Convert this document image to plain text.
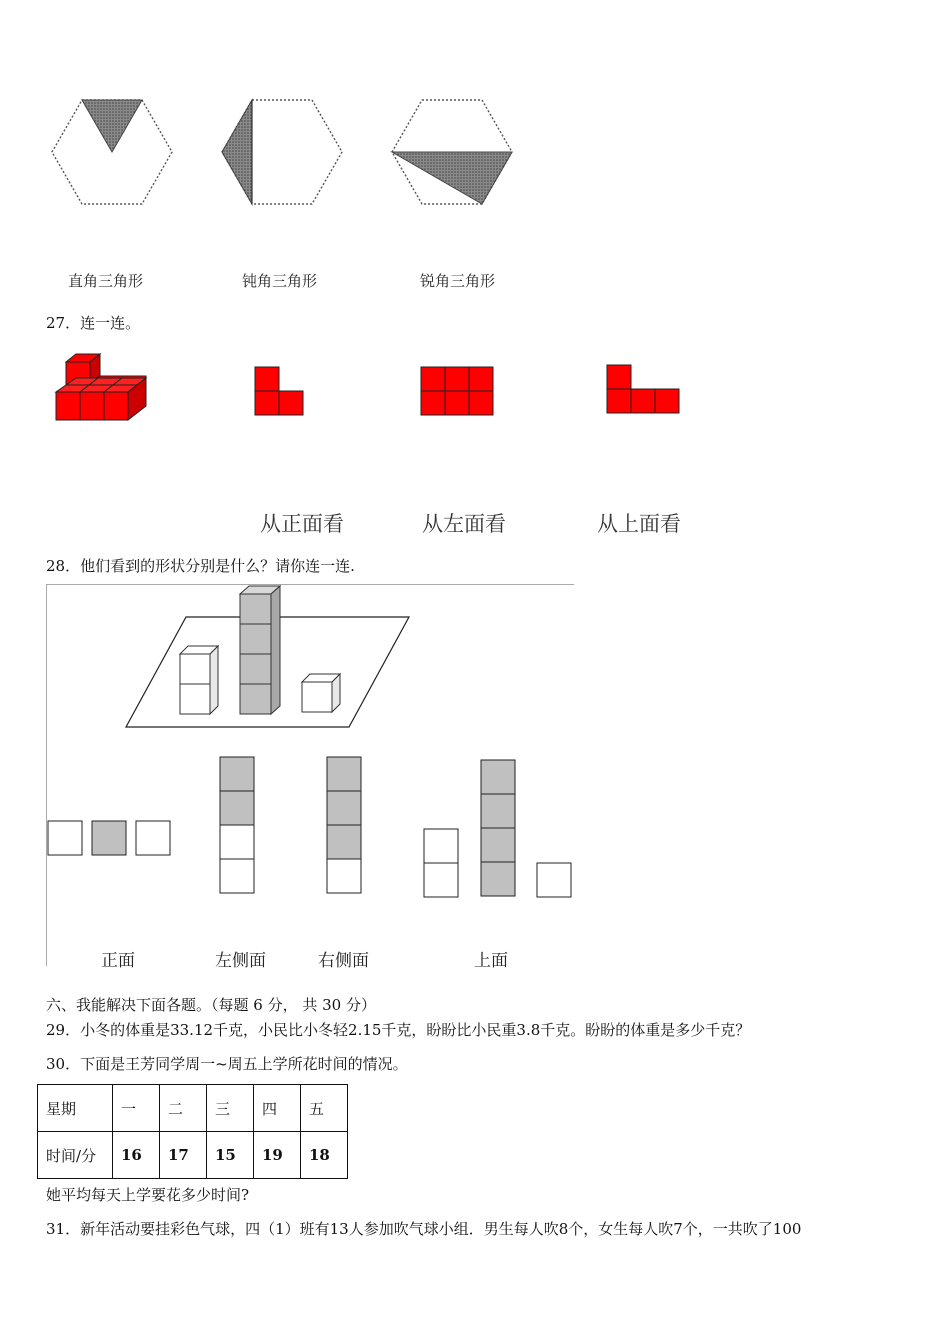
直角三角形	钝角三角形	锐角三角形
27．连一连。
从正面看	从左面看	从上面看
28．他们看到的形状分别是什么？请你连一连.
正面	左侧面	右侧面	上面
六、我能解决下面各题。（每题 6 分， 共 30 分）
29．小冬的体重是33.12千克，小民比小冬轻2.15千克，盼盼比小民重3.8千克。盼盼的体重是多少千克？
30．下面是王芳同学周一~周五上学所花时间的情况。
星期	一	二	三	四	五
时间/分	16	17	15	19	18
她平均每天上学要花多少时间?
31．新年活动要挂彩色气球，四（1）班有13人参加吹气球小组．男生每人吹8个，女生每人吹7个，一共吹了100
